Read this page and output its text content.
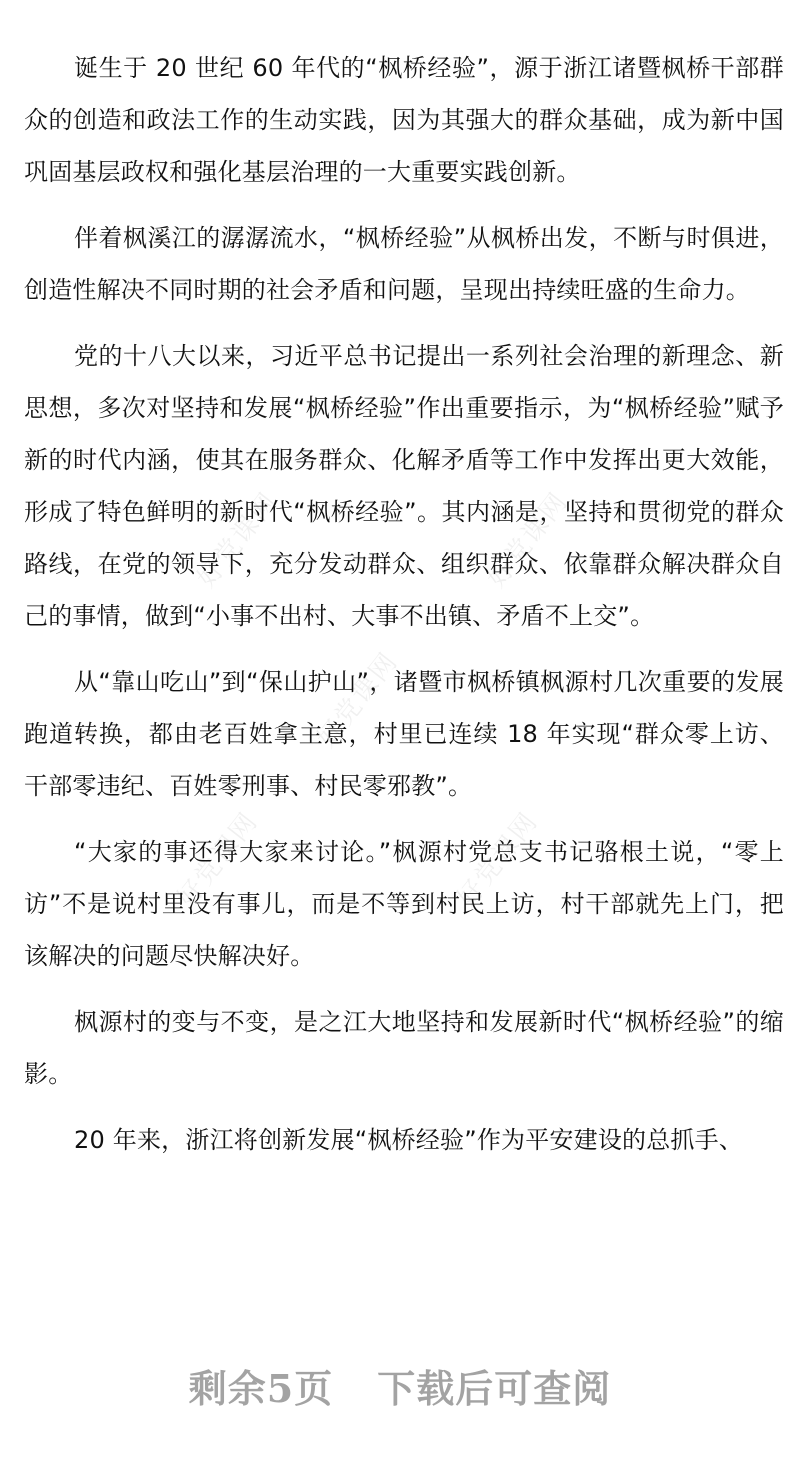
诞生于 20 世纪 60 年代的“枫桥经验”，源于浙江诸暨枫桥干部群众的创造和政法工作的生动实践，因为其强大的群众基础，成为新中国巩固基层政权和强化基层治理的一大重要实践创新。

伴着枫溪江的潺潺流水，“枫桥经验”从枫桥出发，不断与时俱进，创造性解决不同时期的社会矛盾和问题，呈现出持续旺盛的生命力。

党的十八大以来，习近平总书记提出一系列社会治理的新理念、新思想，多次对坚持和发展“枫桥经验”作出重要指示，为“枫桥经验”赋予新的时代内涵，使其在服务群众、化解矛盾等工作中发挥出更大效能，形成了特色鲜明的新时代“枫桥经验”。其内涵是，坚持和贯彻党的群众路线，在党的领导下，充分发动群众、组织群众、依靠群众解决群众自己的事情，做到“小事不出村、大事不出镇、矛盾不上交”。

从“靠山吃山”到“保山护山”，诸暨市枫桥镇枫源村几次重要的发展跑道转换，都由老百姓拿主意，村里已连续 18 年实现“群众零上访、干部零违纪、百姓零刑事、村民零邪教”。

“大家的事还得大家来讨论。”枫源村党总支书记骆根土说，“零上访”不是说村里没有事儿，而是不等到村民上访，村干部就先上门，把该解决的问题尽快解决好。

枫源村的变与不变，是之江大地坚持和发展新时代“枫桥经验”的缩影。

20 年来，浙江将创新发展“枫桥经验”作为平安建设的总抓手、

好党课网	好党课网
好党课网
好党课网	好党课网
剩余5页 下载后可查阅
